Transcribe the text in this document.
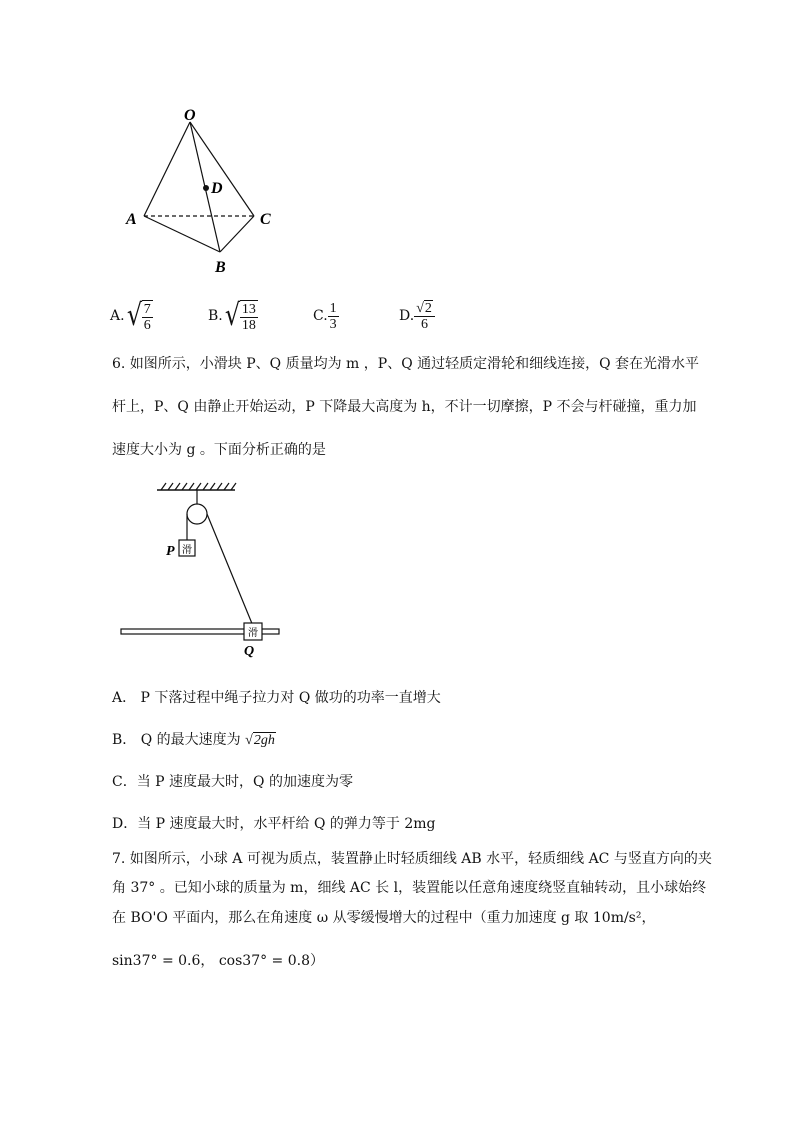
O
D
A	C
B
A. √ $\frac{7}{6}$	B. √ $\frac{13}{18}$	C. $\frac{1}{3}$	D. $\frac{√2}{6}$
6. 如图所示，小滑块 P、Q 质量均为 m ，P、Q 通过轻质定滑轮和细线连接，Q 套在光滑水平
杆上，P、Q 由静止开始运动，P 下降最大高度为 h，不计一切摩擦，P 不会与杆碰撞，重力加
速度大小为 g 。下面分析正确的是
滑
滑
P
Q
A． P 下落过程中绳子拉力对 Q 做功的功率一直增大
B． Q 的最大速度为 √2gh
C．当 P 速度最大时，Q 的加速度为零
D．当 P 速度最大时，水平杆给 Q 的弹力等于 2mg
7. 如图所示，小球 A 可视为质点，装置静止时轻质细线 AB 水平，轻质细线 AC 与竖直方向的夹
角 37° 。已知小球的质量为 m，细线 AC 长 l，装置能以任意角速度绕竖直轴转动，且小球始终
在 BO'O 平面内，那么在角速度 ω 从零缓慢增大的过程中（重力加速度 g 取 10m/s²，
sin37° = 0.6， cos37° = 0.8）
